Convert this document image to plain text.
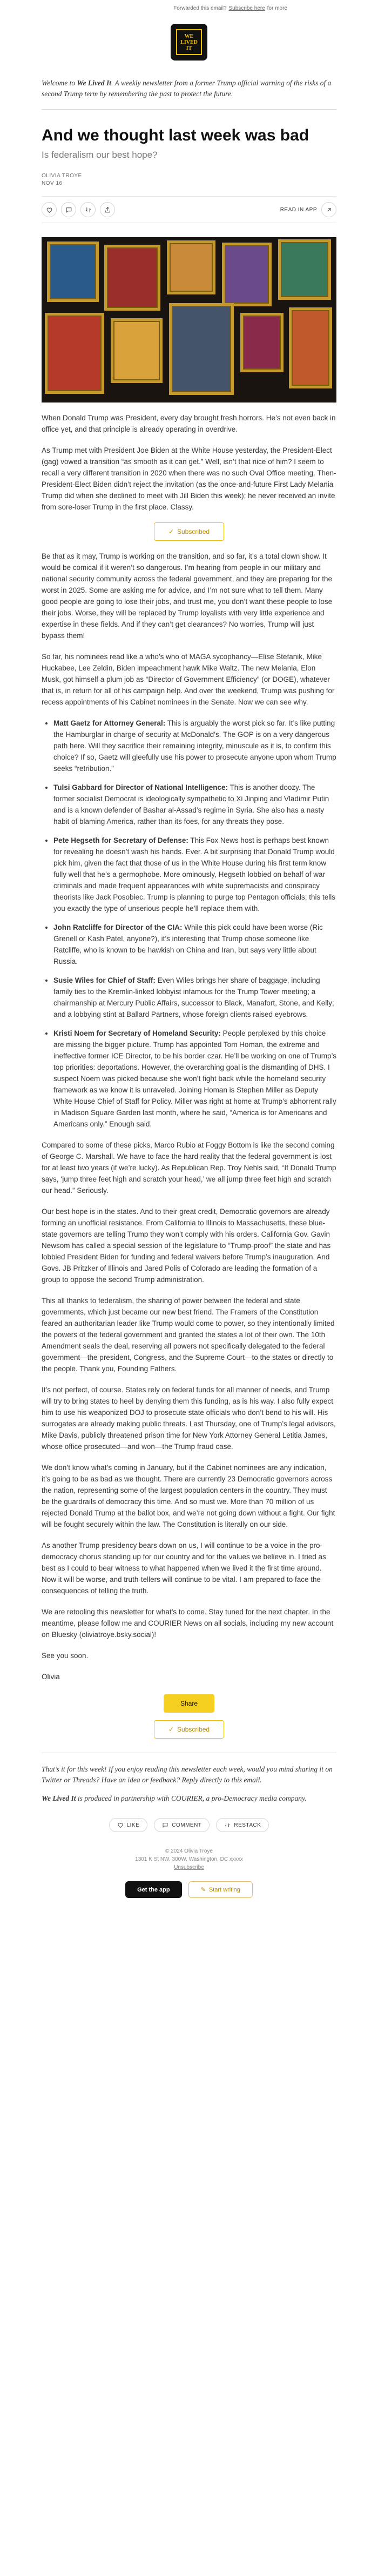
Forwarded this email? Subscribe here for more
WE LIVED IT
Welcome to We Lived It. A weekly newsletter from a former Trump official warning of the risks of a second Trump term by remembering the past to protect the future.
And we thought last week was bad
Is federalism our best hope?
OLIVIA TROYE
NOV 16
READ IN APP

When Donald Trump was President, every day brought fresh horrors. He’s not even back in office yet, and that principle is already operating in overdrive.

As Trump met with President Joe Biden at the White House yesterday, the President-Elect (gag) vowed a transition “as smooth as it can get.” Well, isn’t that nice of him? I seem to recall a very different transition in 2020 when there was no such Oval Office meeting. Then-President-Elect Biden didn’t reject the invitation (as the once-and-future First Lady Melania Trump did when she declined to meet with Jill Biden this week); he never received an invite from sore-loser Trump in the first place. Classy.

✓ Subscribed

Be that as it may, Trump is working on the transition, and so far, it’s a total clown show. It would be comical if it weren’t so dangerous. I’m hearing from people in our military and national security community across the federal government, and they are preparing for the worst in 2025. Some are asking me for advice, and I’m not sure what to tell them. Many good people are going to lose their jobs, and trust me, you don’t want these people to lose their jobs. Worse, they will be replaced by Trump loyalists with very little experience and expertise in these fields. And if they can’t get clearances? No worries, Trump will just bypass them!

So far, his nominees read like a who’s who of MAGA sycophancy—Elise Stefanik, Mike Huckabee, Lee Zeldin, Biden impeachment hawk Mike Waltz. The new Melania, Elon Musk, got himself a plum job as “Director of Government Efficiency” (or DOGE), whatever that is, in return for all of his campaign help. And over the weekend, Trump was pushing for recess appointments of his Cabinet nominees in the Senate. Now we can see why.

• Matt Gaetz for Attorney General: This is arguably the worst pick so far. It’s like putting the Hamburglar in charge of security at McDonald’s. The GOP is on a very dangerous path here. Will they sacrifice their remaining integrity, minuscule as it is, to confirm this choice? If so, Gaetz will gleefully use his power to prosecute anyone upon whom Trump seeks “retribution.”
• Tulsi Gabbard for Director of National Intelligence: This is another doozy. The former socialist Democrat is ideologically sympathetic to Xi Jinping and Vladimir Putin and is a known defender of Bashar al-Assad’s regime in Syria. She also has a nasty habit of blaming America, rather than its foes, for any threats they pose.
• Pete Hegseth for Secretary of Defense: This Fox News host is perhaps best known for revealing he doesn’t wash his hands. Ever. A bit surprising that Donald Trump would pick him, given the fact that those of us in the White House during his first term know fully well that he’s a germophobe. More ominously, Hegseth lobbied on behalf of war criminals and made frequent appearances with white supremacists and conspiracy theorists like Jack Posobiec. Trump is planning to purge top Pentagon officials; this tells you exactly the type of unserious people he’ll replace them with.
• John Ratcliffe for Director of the CIA: While this pick could have been worse (Ric Grenell or Kash Patel, anyone?), it’s interesting that Trump chose someone like Ratcliffe, who is known to be hawkish on China and Iran, but says very little about Russia.
• Susie Wiles for Chief of Staff: Even Wiles brings her share of baggage, including family ties to the Kremlin-linked lobbyist infamous for the Trump Tower meeting; a chairmanship at Mercury Public Affairs, successor to Black, Manafort, Stone, and Kelly; and a lobbying stint at Ballard Partners, whose foreign clients raised eyebrows.
• Kristi Noem for Secretary of Homeland Security: People perplexed by this choice are missing the bigger picture. Trump has appointed Tom Homan, the extreme and ineffective former ICE Director, to be his border czar. He’ll be working on one of Trump’s top priorities: deportations. However, the overarching goal is the dismantling of DHS. I suspect Noem was picked because she won’t fight back while the homeland security framework as we know it is unraveled. Joining Homan is Stephen Miller as Deputy White House Chief of Staff for Policy. Miller was right at home at Trump’s abhorrent rally in Madison Square Garden last month, where he said, “America is for Americans and Americans only.” Enough said.

Compared to some of these picks, Marco Rubio at Foggy Bottom is like the second coming of George C. Marshall. We have to face the hard reality that the federal government is lost for at least two years (if we’re lucky). As Republican Rep. Troy Nehls said, “If Donald Trump says, ‘jump three feet high and scratch your head,’ we all jump three feet high and scratch our head.” Seriously.

Our best hope is in the states. And to their great credit, Democratic governors are already forming an unofficial resistance. From California to Illinois to Massachusetts, these blue-state governors are telling Trump they won’t comply with his orders. California Gov. Gavin Newsom has called a special session of the legislature to “Trump-proof” the state and has lobbied President Biden for funding and federal waivers before Trump’s inauguration. And Govs. JB Pritzker of Illinois and Jared Polis of Colorado are leading the formation of a group to oppose the second Trump administration.

This all thanks to federalism, the sharing of power between the federal and state governments, which just became our new best friend. The Framers of the Constitution feared an authoritarian leader like Trump would come to power, so they intentionally limited the powers of the federal government and granted the states a lot of their own. The 10th Amendment seals the deal, reserving all powers not specifically delegated to the federal government—the president, Congress, and the Supreme Court—to the states or directly to the people. Thank you, Founding Fathers.

It’s not perfect, of course. States rely on federal funds for all manner of needs, and Trump will try to bring states to heel by denying them this funding, as is his way. I also fully expect him to use his weaponized DOJ to prosecute state officials who don’t bend to his will. His surrogates are already making public threats. Last Thursday, one of Trump’s legal advisors, Mike Davis, publicly threatened prison time for New York Attorney General Letitia James, whose office prosecuted—and won—the Trump fraud case.

We don’t know what’s coming in January, but if the Cabinet nominees are any indication, it’s going to be as bad as we thought. There are currently 23 Democratic governors across the nation, representing some of the largest population centers in the country. They must be the guardrails of democracy this time. And so must we. More than 70 million of us rejected Donald Trump at the ballot box, and we’re not going down without a fight. Our fight will be fought securely within the law. The Constitution is literally on our side.

As another Trump presidency bears down on us, I will continue to be a voice in the pro-democracy chorus standing up for our country and for the values we believe in. I tried as best as I could to bear witness to what happened when we lived it the first time around. Now it will be worse, and truth-tellers will continue to be vital. I am prepared to face the consequences of telling the truth.

We are retooling this newsletter for what’s to come. Stay tuned for the next chapter. In the meantime, please follow me and COURIER News on all socials, including my new account on Bluesky (oliviatroye.bsky.social)!

See you soon.

Olivia

Share
✓ Subscribed
That’s it for this week! If you enjoy reading this newsletter each week, would you mind sharing it on Twitter or Threads? Have an idea or feedback? Reply directly to this email.
We Lived It is produced in partnership with COURIER, a pro-Democracy media company.
LIKE	COMMENT	RESTACK
© 2024 Olivia Troye
1301 K St NW, 300W, Washington, DC xxxxx
Unsubscribe
Get the app	✎ Start writing
